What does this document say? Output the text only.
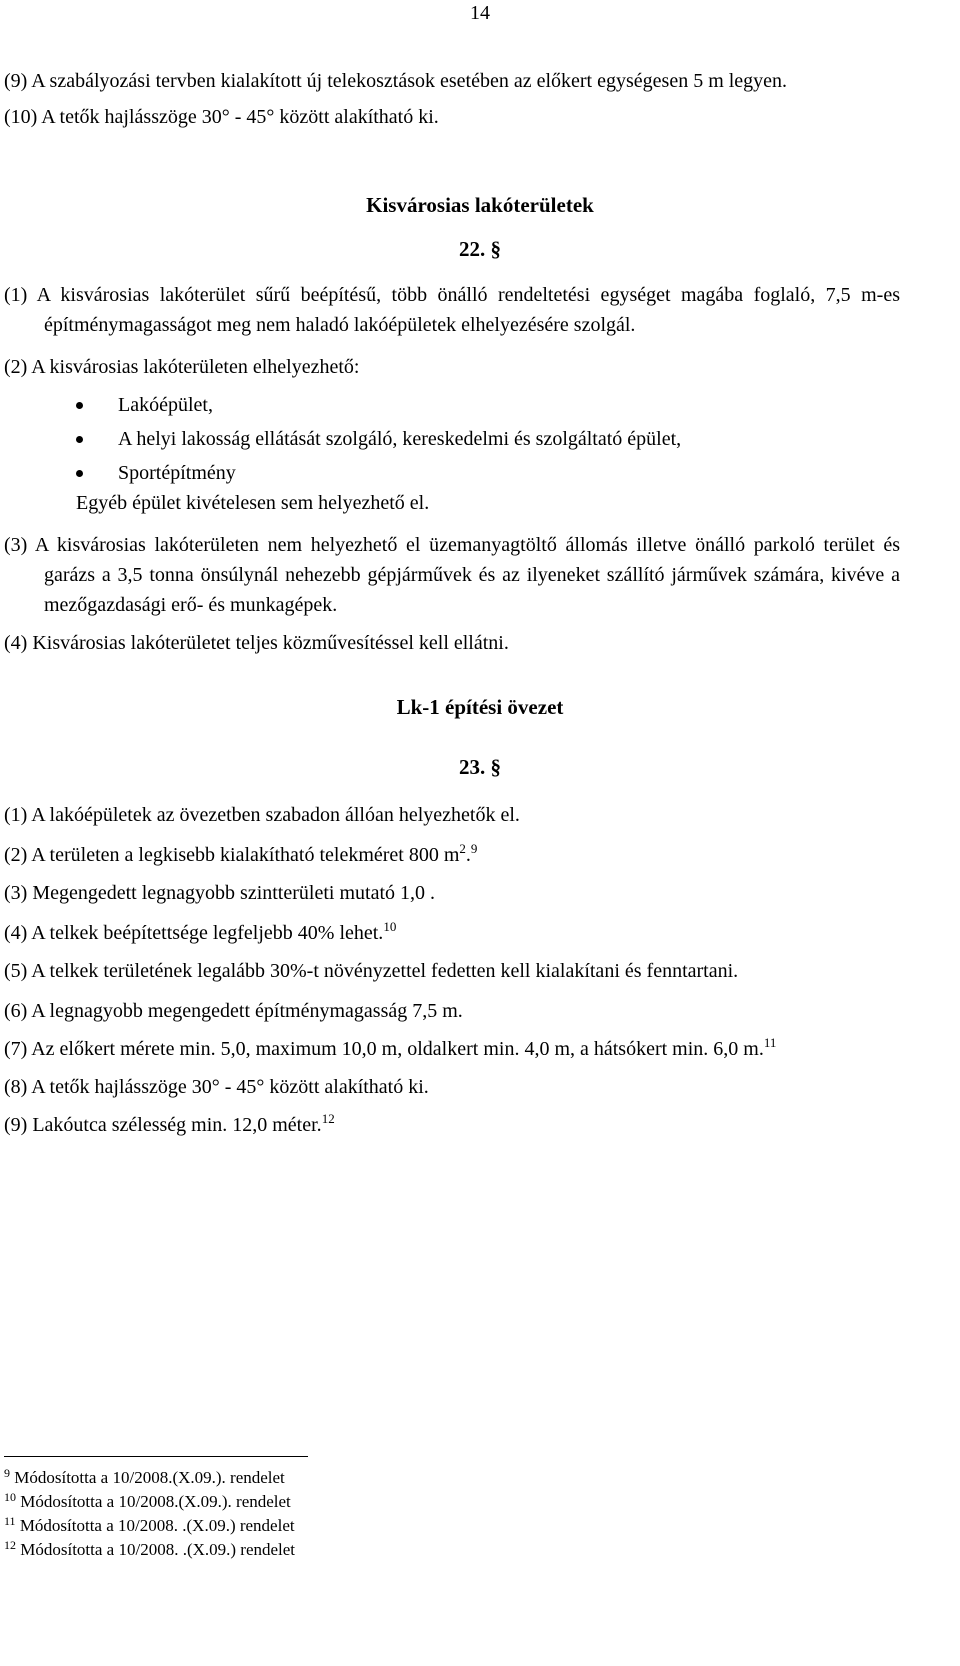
14
(9) A szabályozási tervben kialakított új telekosztások esetében az előkert egységesen 5 m legyen.
(10) A tetők hajlásszöge 30° - 45° között alakítható ki.
Kisvárosias lakóterületek
22. §
(1) A kisvárosias lakóterület sűrű beépítésű, több önálló rendeltetési egységet magába foglaló, 7,5 m-es építménymagasságot meg nem haladó lakóépületek elhelyezésére szolgál.
(2) A kisvárosias lakóterületen elhelyezhető:
Lakóépület,
A helyi lakosság ellátását szolgáló, kereskedelmi és szolgáltató épület,
Sportépítmény
Egyéb épület kivételesen sem helyezhető el.
(3) A kisvárosias lakóterületen nem helyezhető el üzemanyagtöltő állomás illetve önálló parkoló terület és garázs a 3,5 tonna önsúlynál nehezebb gépjárművek és az ilyeneket szállító járművek számára, kivéve a mezőgazdasági erő- és munkagépek.
(4) Kisvárosias lakóterületet teljes közművesítéssel kell ellátni.
Lk-1 építési övezet
23. §
(1) A lakóépületek az övezetben szabadon állóan helyezhetők el.
(2) A területen a legkisebb kialakítható telekméret 800 $m^2.^9$
(3) Megengedett legnagyobb szintterületi mutató 1,0 .
(4) A telkek beépítettsége legfeljebb 40% lehet.$^{10}$
(5) A telkek területének legalább 30%-t növényzettel fedetten kell kialakítani és fenntartani.
(6) A legnagyobb megengedett építménymagasság 7,5 m.
(7) Az előkert mérete min. 5,0, maximum 10,0 m, oldalkert min. 4,0 m, a hátsókert min. 6,0 m.$^{11}$
(8) A tetők hajlásszöge 30° - 45° között alakítható ki.
(9) Lakóutca szélesség min. 12,0 méter.$^{12}$
$^9$ Módosította a 10/2008.(X.09.). rendelet
$^{10}$ Módosította a 10/2008.(X.09.). rendelet
$^{11}$ Módosította a 10/2008. .(X.09.) rendelet
$^{12}$ Módosította a 10/2008. .(X.09.) rendelet
